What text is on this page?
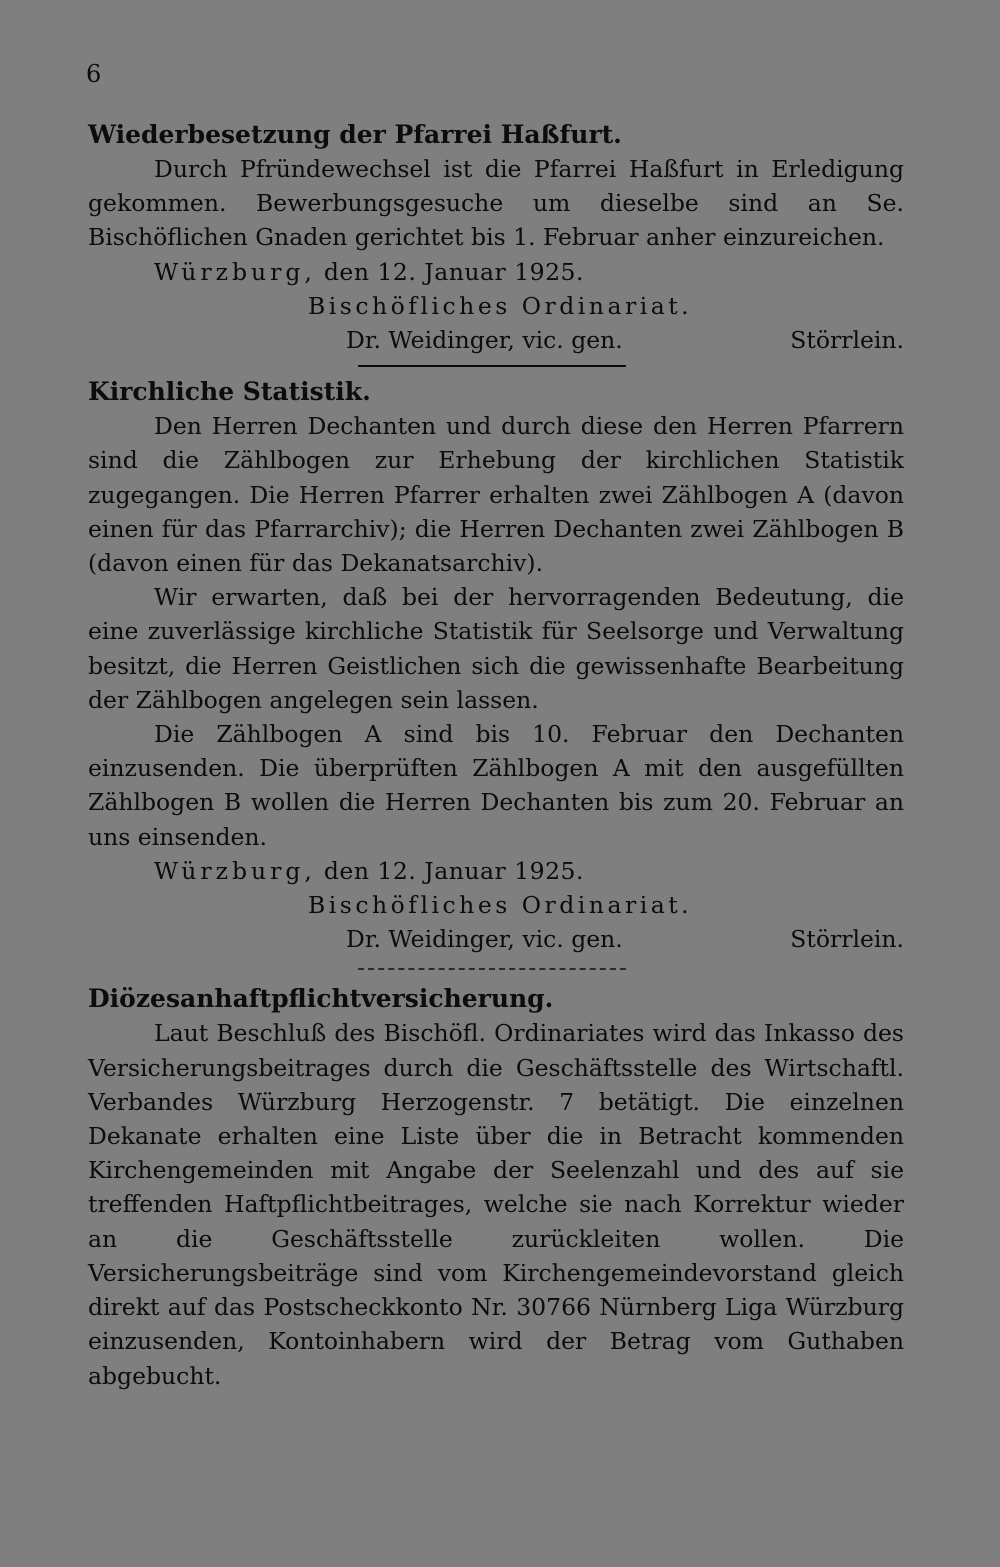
6
Wiederbesetzung der Pfarrei Haßfurt.

Durch Pfründewechsel ist die Pfarrei Haßfurt in Erledigung gekommen. Bewerbungsgesuche um dieselbe sind an Se. Bischöflichen Gnaden gerichtet bis 1. Februar anher einzureichen.

Würzburg, den 12. Januar 1925.

Bischöfliches Ordinariat.

Dr. Weidinger, vic. gen.	Störrlein.
Kirchliche Statistik.

Den Herren Dechanten und durch diese den Herren Pfarrern sind die Zählbogen zur Erhebung der kirchlichen Statistik zugegangen. Die Herren Pfarrer erhalten zwei Zählbogen A (davon einen für das Pfarrarchiv); die Herren Dechanten zwei Zählbogen B (davon einen für das Dekanatsarchiv).

Wir erwarten, daß bei der hervorragenden Bedeutung, die eine zuverlässige kirchliche Statistik für Seelsorge und Verwaltung besitzt, die Herren Geistlichen sich die gewissenhafte Bearbeitung der Zählbogen angelegen sein lassen.

Die Zählbogen A sind bis 10. Februar den Dechanten einzusenden. Die überprüften Zählbogen A mit den ausgefüllten Zählbogen B wollen die Herren Dechanten bis zum 20. Februar an uns einsenden.

Würzburg, den 12. Januar 1925.

Bischöfliches Ordinariat.

Dr. Weidinger, vic. gen.	Störrlein.
Diözesanhaftpflichtversicherung.

Laut Beschluß des Bischöfl. Ordinariates wird das Inkasso des Versicherungsbeitrages durch die Geschäftsstelle des Wirtschaftl. Verbandes Würzburg Herzogenstr. 7 betätigt. Die einzelnen Dekanate erhalten eine Liste über die in Betracht kommenden Kirchengemeinden mit Angabe der Seelenzahl und des auf sie treffenden Haftpflichtbeitrages, welche sie nach Korrektur wieder an die Geschäftsstelle zurückleiten wollen. Die Versicherungsbeiträge sind vom Kirchengemeindevorstand gleich direkt auf das Postscheckkonto Nr. 30766 Nürnberg Liga Würzburg einzusenden, Kontoinhabern wird der Betrag vom Guthaben abgebucht.
